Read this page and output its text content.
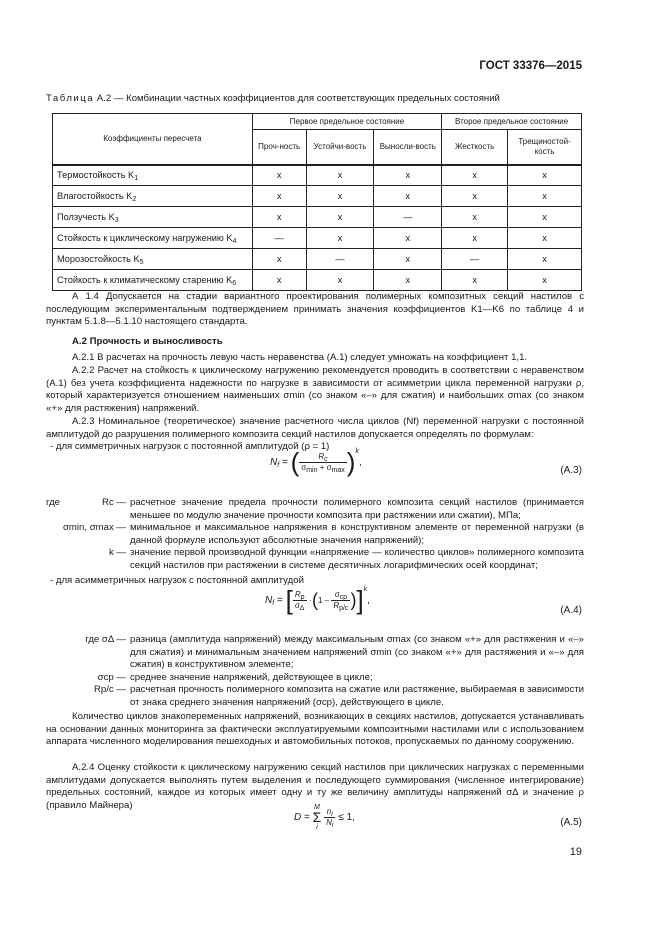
ГОСТ 33376—2015
Таблица А.2 — Комбинации частных коэффициентов для соответствующих предельных состояний
Коэффициенты пересчета	Первое предельное состояние			Второе предельное состояние	
	Проч-ность	Устойчи-вость	Выносли-вость	Жесткость	Трещиностой-кость
Термостойкость $K_1$	х	х	х	х	х
Влагостойкость $K_2$	х	х	х	х	х
Ползучесть $K_3$	х	х	—	х	х
Стойкость к циклическому нагружению $K_4$	—	х	х	х	х
Морозостойкость $K_5$	х	—	х	—	х
Стойкость к климатическому старению $K_6$	х	х	х	х	х
А 1.4 Допускается на стадии вариантного проектирования полимерных композитных секций настилов с последующим экспериментальным подтверждением принимать значения коэффициентов K1—K6 по таблице 4 и пунктам 5.1.8—5.1.10 настоящего стандарта.
А.2 Прочность и выносливость
А.2.1 В расчетах на прочность левую часть неравенства (А.1) следует умножать на коэффициент 1,1.
А.2.2 Расчет на стойкость к циклическому нагружению рекомендуется проводить в соответствии с неравенством (А.1) без учета коэффициента надежности по нагрузке в зависимости от асимметрии цикла переменной нагрузки ρ, который характеризуется отношением наименьших σmin (со знаком «–» для сжатия) и наибольших σmax (со знаком «+» для растяжения) напряжений.
А.2.3 Номинальное (теоретическое) значение расчетного числа циклов (Nf) переменной нагрузки с постоянной амплитудой до разрушения полимерного композита секций настилов допускается определять по формулам:
- для симметричных нагрузок с постоянной амплитудой (ρ = 1)
$N_f$ = ( $\frac{R_c}{\sigma_{min} + \sigma_{max}} )^k$,
(А.3)
где	Rc — расчетное значение предела прочности полимерного композита секций настилов (принимается меньшее по модулю значение прочности композита при растяжении или сжатии), МПа;
σmin, σmax — минимальное и максимальное напряжения в конструктивном элементе от переменной нагрузки (в данной формуле используют абсолютные значения напряжений);
k — значение первой производной функции «напряжение — количество циклов» полимерного композита секций настилов при растяжении в системе десятичных логарифмических осей координат;
- для асимметричных нагрузок с постоянной амплитудой
$N_f$ = [ $\frac{R_р}{\sigma_\Delta} \cdot(1 - \frac{\sigma_{ср}}{R_{р/с}} )]^k$,
(А.4)
где σΔ — разница (амплитуда напряжений) между максимальным σmax (со знаком «+» для растяжения и «–» для сжатия) и минимальным значением напряжений σmin (со знаком «+» для растяжения и «–» для сжатия) в конструктивном элементе;
σср — среднее значение напряжений, действующее в цикле;
Rp/c — расчетная прочность полимерного композита на сжатие или растяжение, выбираемая в зависимости от знака среднего значения напряжений (σср), действующего в цикле.
Количество циклов знакопеременных напряжений, возникающих в секциях настилов, допускается устанавливать на основании данных мониторинга за фактически эксплуатируемыми композитными настилами или с использованием аппарата численного моделирования пешеходных и автомобильных потоков, пропускаемых по данному сооружению.
А.2.4 Оценку стойкости к циклическому нагружению секций настилов при циклических нагрузках с переменными амплитудами допускается выполнять путем выделения и последующего суммирования (численное интегрирование) предельных состояний, каждое из которых имеет одну и ту же величину амплитуды напряжений σΔ и значение ρ (правило Майнера)
D =
M
Σ
i
$\frac{n_i}{N_i} \le 1$,	(А.5)
19
